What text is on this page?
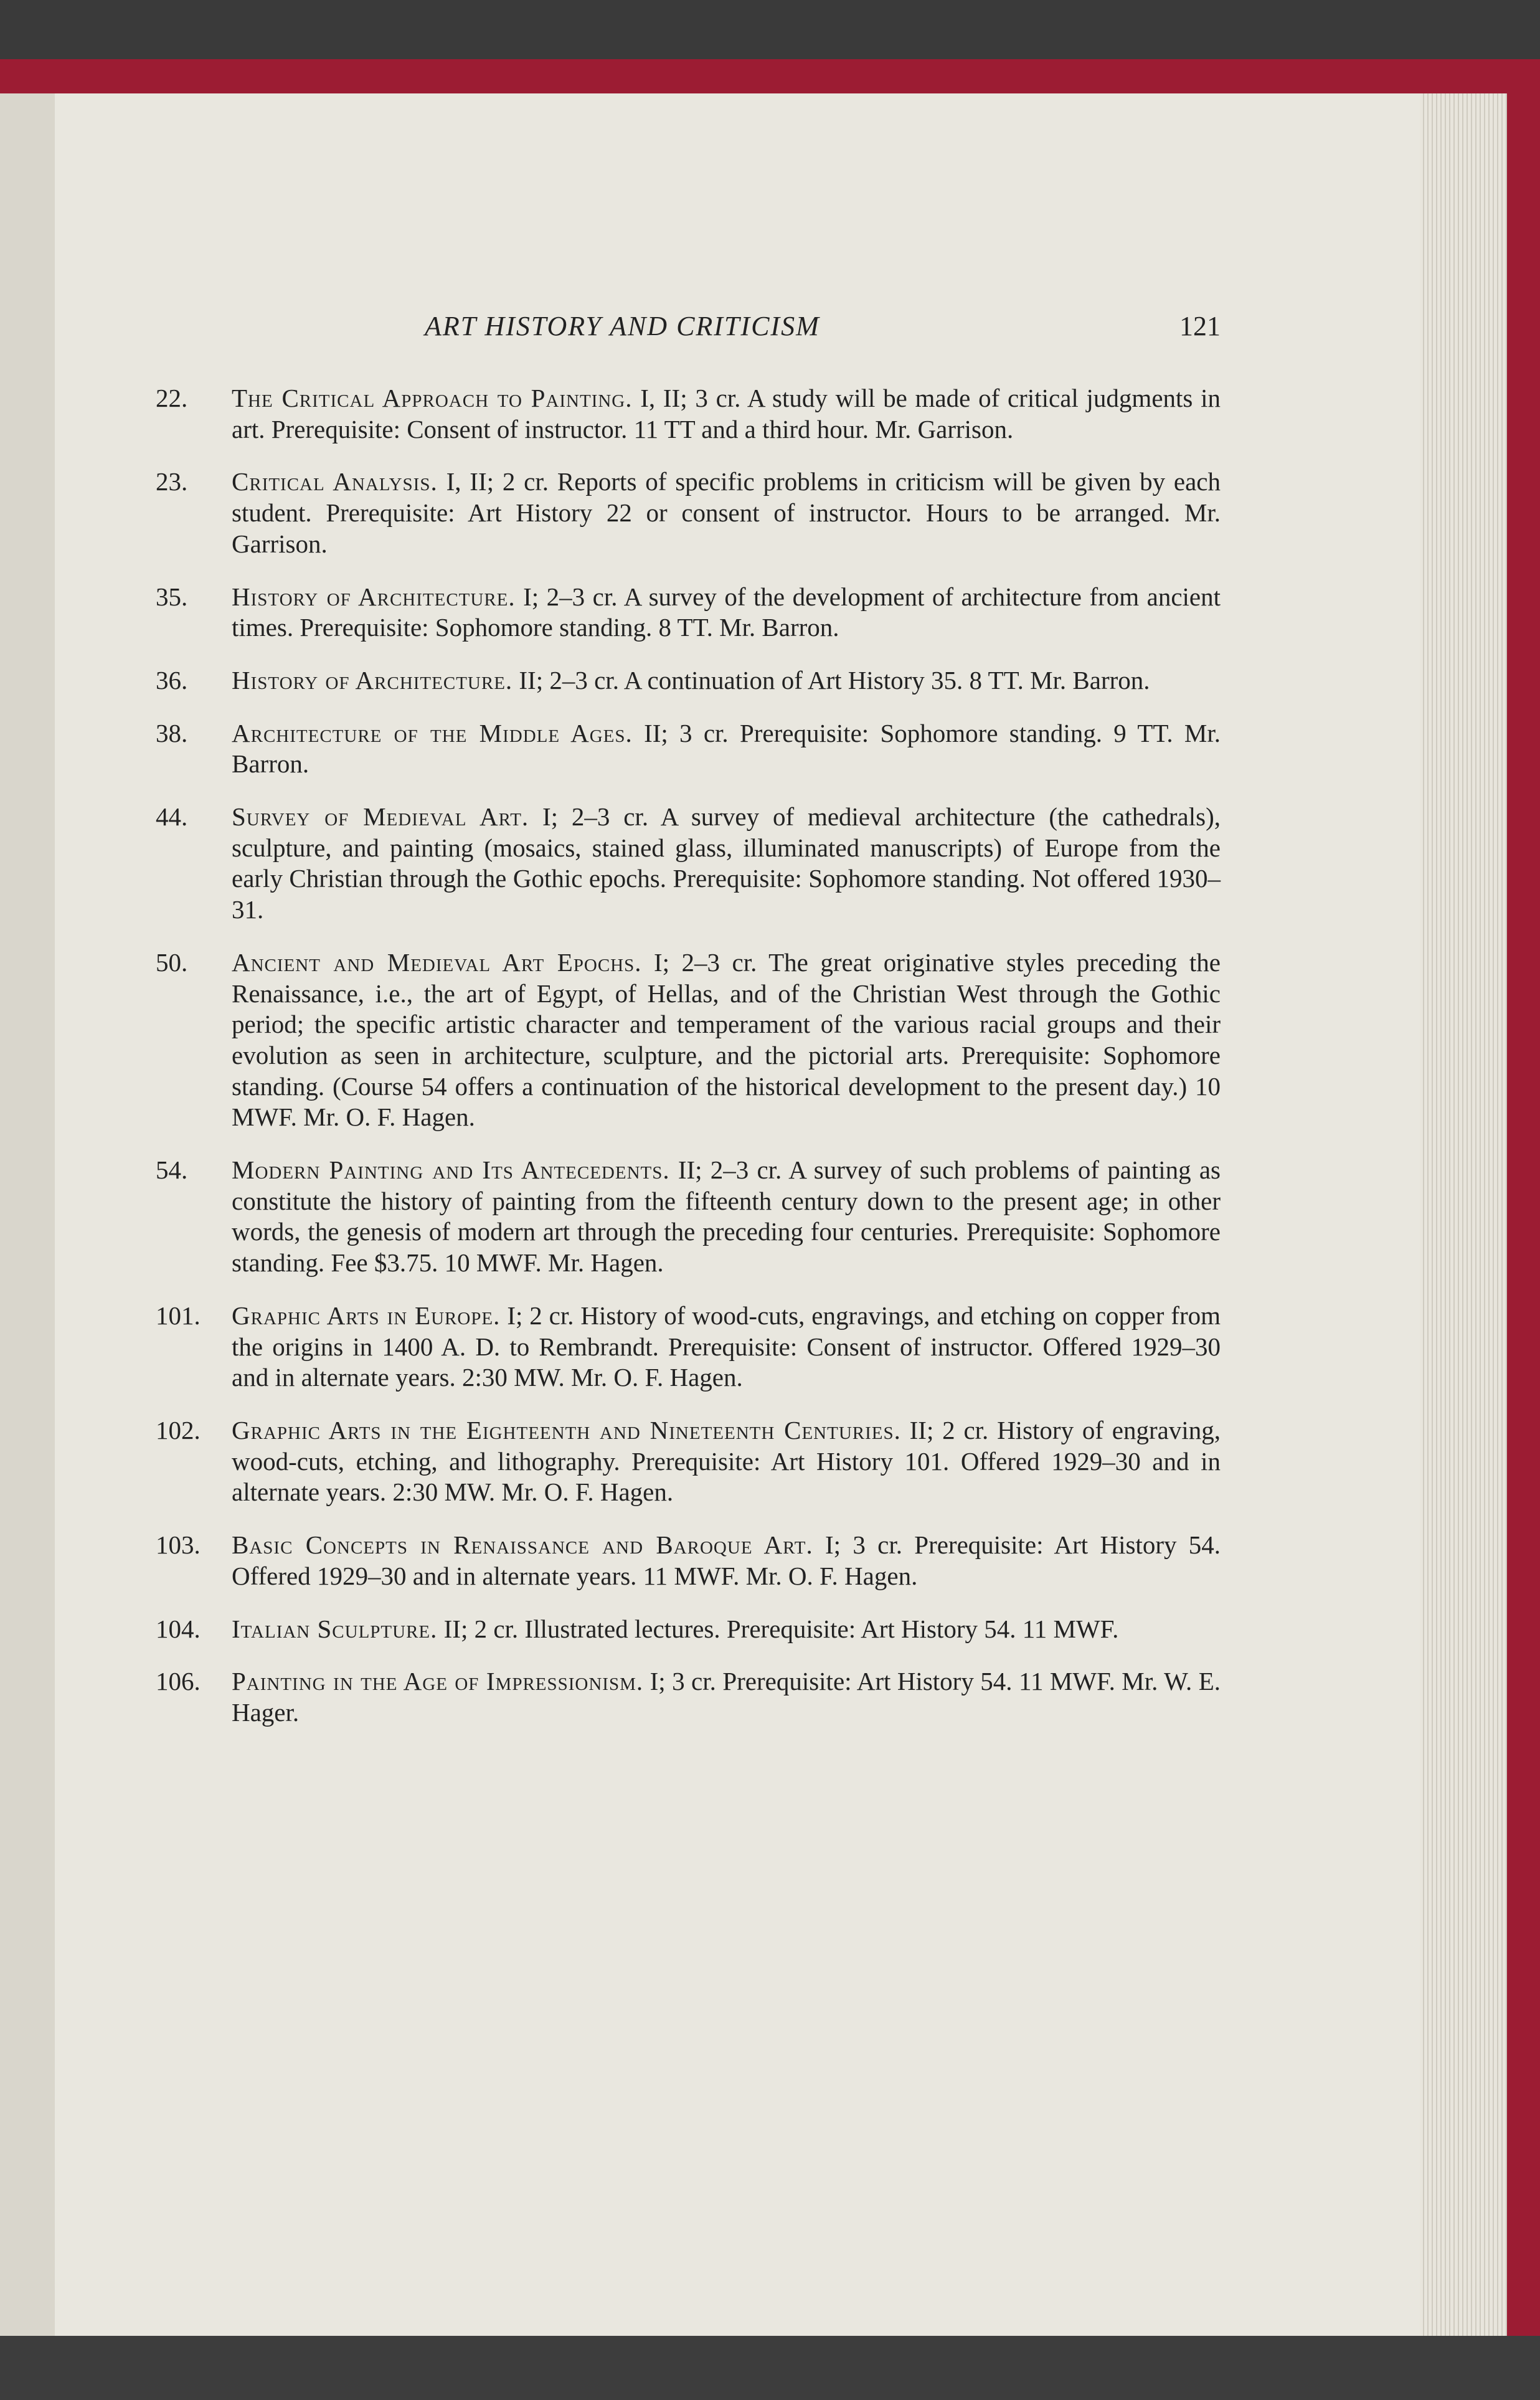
ART HISTORY AND CRITICISM	121
22. The Critical Approach to Painting. I, II; 3 cr. A study will be made of critical judgments in art. Prerequisite: Consent of instructor. 11 TT and a third hour. Mr. Garrison.
23. Critical Analysis. I, II; 2 cr. Reports of specific problems in criticism will be given by each student. Prerequisite: Art History 22 or consent of instructor. Hours to be arranged. Mr. Garrison.
35. History of Architecture. I; 2–3 cr. A survey of the development of architecture from ancient times. Prerequisite: Sophomore standing. 8 TT. Mr. Barron.
36. History of Architecture. II; 2–3 cr. A continuation of Art History 35. 8 TT. Mr. Barron.
38. Architecture of the Middle Ages. II; 3 cr. Prerequisite: Sophomore standing. 9 TT. Mr. Barron.
44. Survey of Medieval Art. I; 2–3 cr. A survey of medieval architecture (the cathedrals), sculpture, and painting (mosaics, stained glass, illuminated manuscripts) of Europe from the early Christian through the Gothic epochs. Prerequisite: Sophomore standing. Not offered 1930–31.
50. Ancient and Medieval Art Epochs. I; 2–3 cr. The great originative styles preceding the Renaissance, i.e., the art of Egypt, of Hellas, and of the Christian West through the Gothic period; the specific artistic character and temperament of the various racial groups and their evolution as seen in architecture, sculpture, and the pictorial arts. Prerequisite: Sophomore standing. (Course 54 offers a continuation of the historical development to the present day.) 10 MWF. Mr. O. F. Hagen.
54. Modern Painting and Its Antecedents. II; 2–3 cr. A survey of such problems of painting as constitute the history of painting from the fifteenth century down to the present age; in other words, the genesis of modern art through the preceding four centuries. Prerequisite: Sophomore standing. Fee $3.75. 10 MWF. Mr. Hagen.
101. Graphic Arts in Europe. I; 2 cr. History of wood-cuts, engravings, and etching on copper from the origins in 1400 A. D. to Rembrandt. Prerequisite: Consent of instructor. Offered 1929–30 and in alternate years. 2:30 MW. Mr. O. F. Hagen.
102. Graphic Arts in the Eighteenth and Nineteenth Centuries. II; 2 cr. History of engraving, wood-cuts, etching, and lithography. Prerequisite: Art History 101. Offered 1929–30 and in alternate years. 2:30 MW. Mr. O. F. Hagen.
103. Basic Concepts in Renaissance and Baroque Art. I; 3 cr. Prerequisite: Art History 54. Offered 1929–30 and in alternate years. 11 MWF. Mr. O. F. Hagen.
104. Italian Sculpture. II; 2 cr. Illustrated lectures. Prerequisite: Art History 54. 11 MWF.
106. Painting in the Age of Impressionism. I; 3 cr. Prerequisite: Art History 54. 11 MWF. Mr. W. E. Hager.
